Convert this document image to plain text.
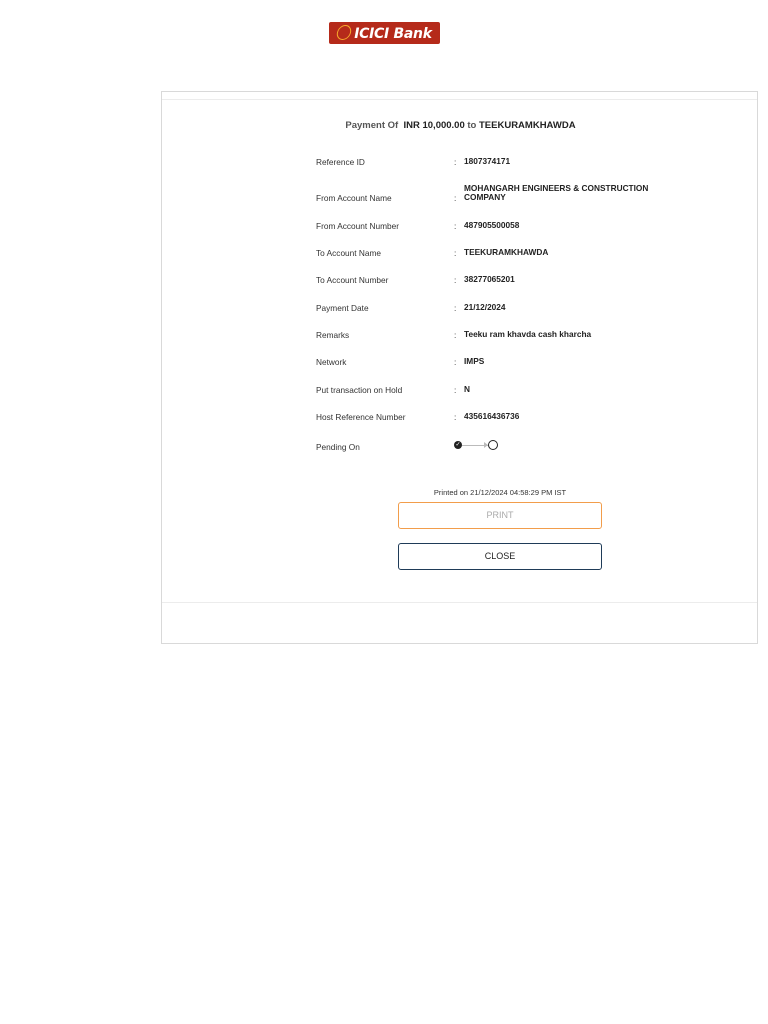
ICICI Bank
Payment Of INR 10,000.00 to TEEKURAMKHAWDA
Reference ID	: 1807374171
From Account Name	:
MOHANGARH ENGINEERS & CONSTRUCTION COMPANY
From Account Number	: 487905500058
To Account Name	: TEEKURAMKHAWDA
To Account Number	: 38277065201
Payment Date	: 21/12/2024
Remarks	: Teeku ram khavda cash kharcha
Network	: IMPS
Put transaction on Hold	: N
Host Reference Number	: 435616436736
Pending On	✓
Printed on 21/12/2024 04:58:29 PM IST
PRINT
CLOSE
